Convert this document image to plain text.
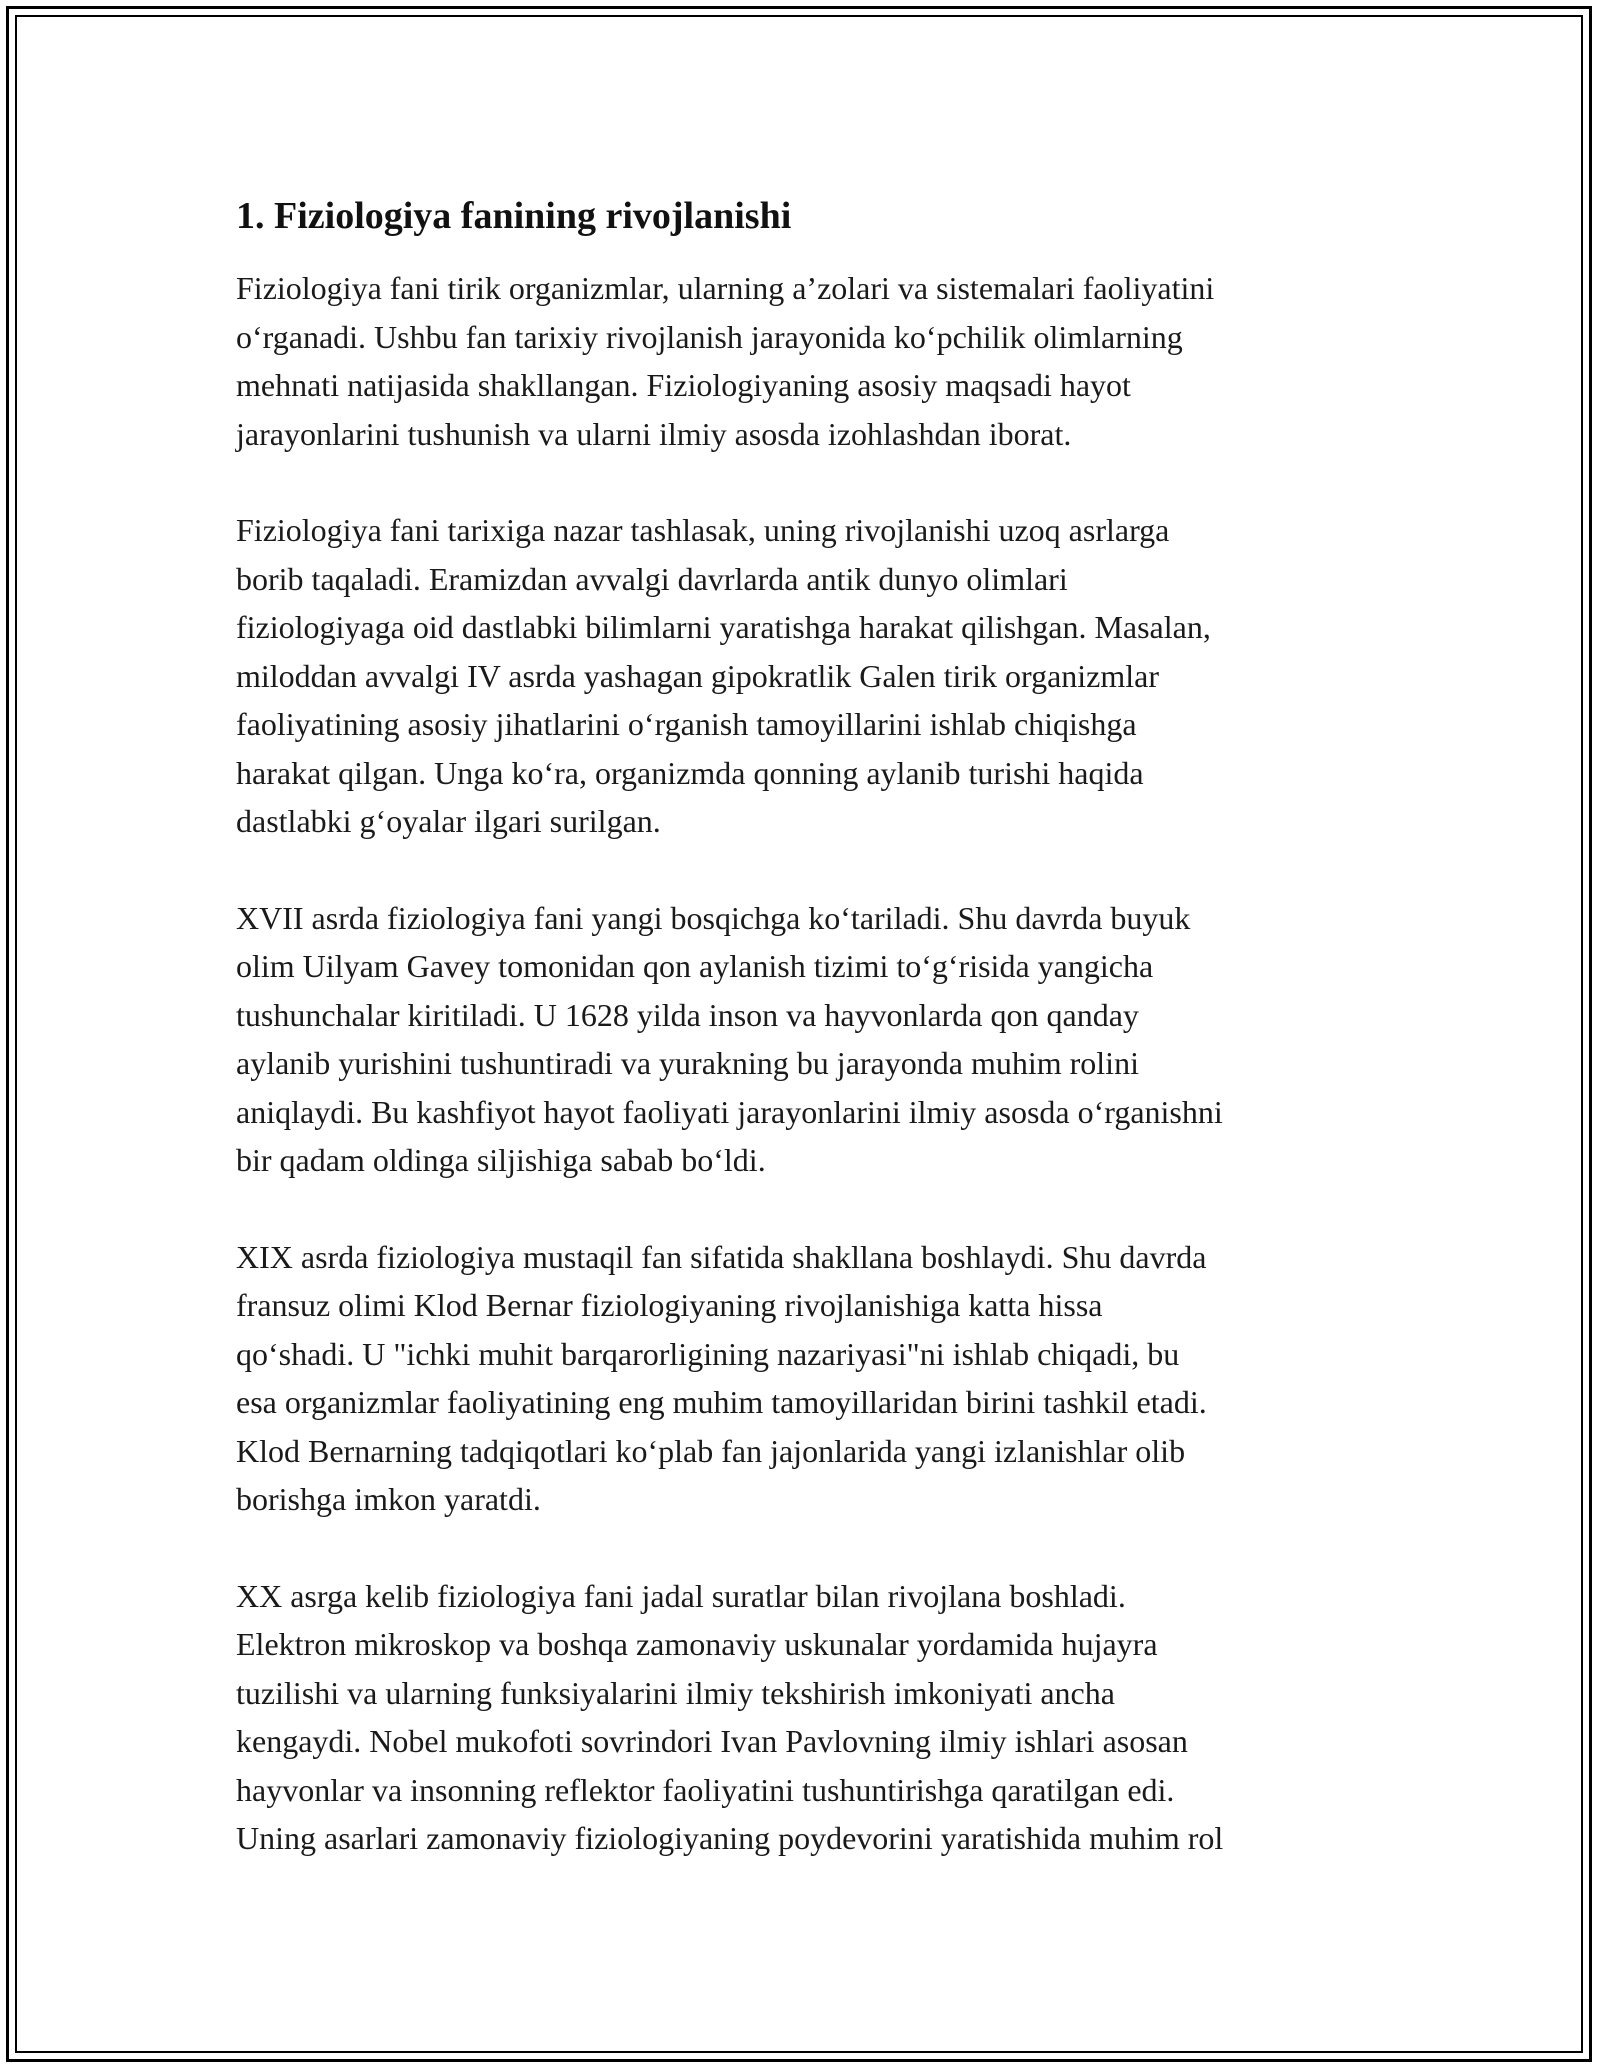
1. Fiziologiya fanining rivojlanishi

Fiziologiya fani tirik organizmlar, ularning a’zolari va sistemalari faoliyatini
o‘rganadi. Ushbu fan tarixiy rivojlanish jarayonida ko‘pchilik olimlarning
mehnati natijasida shakllangan. Fiziologiyaning asosiy maqsadi hayot
jarayonlarini tushunish va ularni ilmiy asosda izohlashdan iborat.

Fiziologiya fani tarixiga nazar tashlasak, uning rivojlanishi uzoq asrlarga
borib taqaladi. Eramizdan avvalgi davrlarda antik dunyo olimlari
fiziologiyaga oid dastlabki bilimlarni yaratishga harakat qilishgan. Masalan,
miloddan avvalgi IV asrda yashagan gipokratlik Galen tirik organizmlar
faoliyatining asosiy jihatlarini o‘rganish tamoyillarini ishlab chiqishga
harakat qilgan. Unga ko‘ra, organizmda qonning aylanib turishi haqida
dastlabki g‘oyalar ilgari surilgan.

XVII asrda fiziologiya fani yangi bosqichga ko‘tariladi. Shu davrda buyuk
olim Uilyam Gavey tomonidan qon aylanish tizimi to‘g‘risida yangicha
tushunchalar kiritiladi. U 1628 yilda inson va hayvonlarda qon qanday
aylanib yurishini tushuntiradi va yurakning bu jarayonda muhim rolini
aniqlaydi. Bu kashfiyot hayot faoliyati jarayonlarini ilmiy asosda o‘rganishni
bir qadam oldinga siljishiga sabab bo‘ldi.

XIX asrda fiziologiya mustaqil fan sifatida shakllana boshlaydi. Shu davrda
fransuz olimi Klod Bernar fiziologiyaning rivojlanishiga katta hissa
qo‘shadi. U "ichki muhit barqarorligining nazariyasi"ni ishlab chiqadi, bu
esa organizmlar faoliyatining eng muhim tamoyillaridan birini tashkil etadi.
Klod Bernarning tadqiqotlari ko‘plab fan jajonlarida yangi izlanishlar olib
borishga imkon yaratdi.

XX asrga kelib fiziologiya fani jadal suratlar bilan rivojlana boshladi.
Elektron mikroskop va boshqa zamonaviy uskunalar yordamida hujayra
tuzilishi va ularning funksiyalarini ilmiy tekshirish imkoniyati ancha
kengaydi. Nobel mukofoti sovrindori Ivan Pavlovning ilmiy ishlari asosan
hayvonlar va insonning reflektor faoliyatini tushuntirishga qaratilgan edi.
Uning asarlari zamonaviy fiziologiyaning poydevorini yaratishida muhim rol
